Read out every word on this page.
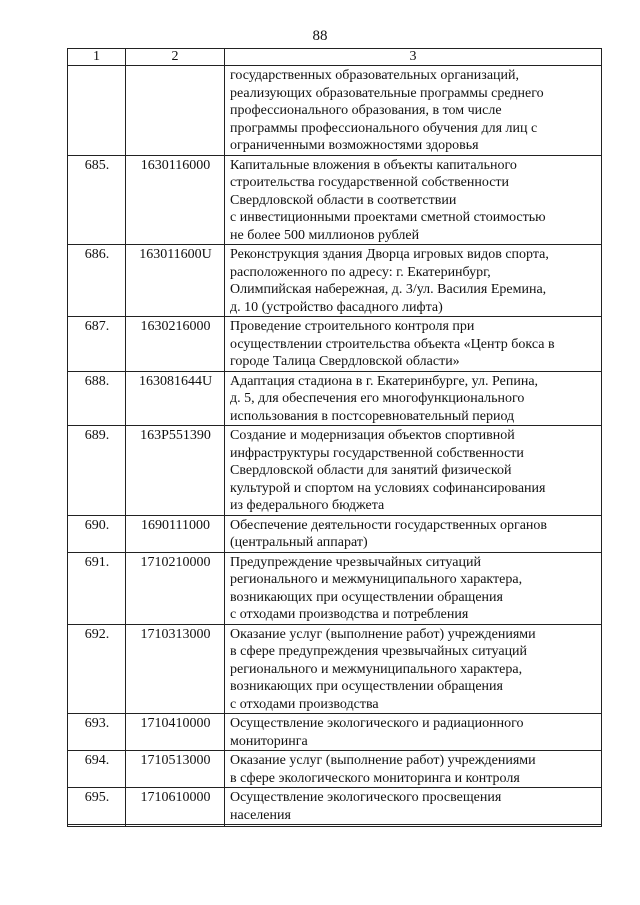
88
1	2	3
		государственных образовательных организаций,
реализующих образовательные программы среднего
профессионального образования, в том числе
программы профессионального обучения для лиц с
ограниченными возможностями здоровья
685.	1630116000	Капитальные вложения в объекты капитального
строительства государственной собственности
Свердловской области в соответствии
с инвестиционными проектами сметной стоимостью
не более 500 миллионов рублей
686.	163011600U	Реконструкция здания Дворца игровых видов спорта,
расположенного по адресу: г. Екатеринбург,
Олимпийская набережная, д. 3/ул. Василия Еремина,
д. 10 (устройство фасадного лифта)
687.	1630216000	Проведение строительного контроля при
осуществлении строительства объекта «Центр бокса в
городе Талица Свердловской области»
688.	163081644U	Адаптация стадиона в г. Екатеринбурге, ул. Репина,
д. 5, для обеспечения его многофункционального
использования в постсоревновательный период
689.	163P551390	Создание и модернизация объектов спортивной
инфраструктуры государственной собственности
Свердловской области для занятий физической
культурой и спортом на условиях софинансирования
из федерального бюджета
690.	1690111000	Обеспечение деятельности государственных органов
(центральный аппарат)
691.	1710210000	Предупреждение чрезвычайных ситуаций
регионального и межмуниципального характера,
возникающих при осуществлении обращения
с отходами производства и потребления
692.	1710313000	Оказание услуг (выполнение работ) учреждениями
в сфере предупреждения чрезвычайных ситуаций
регионального и межмуниципального характера,
возникающих при осуществлении обращения
с отходами производства
693.	1710410000	Осуществление экологического и радиационного
мониторинга
694.	1710513000	Оказание услуг (выполнение работ) учреждениями
в сфере экологического мониторинга и контроля
695.	1710610000	Осуществление экологического просвещения
населения
